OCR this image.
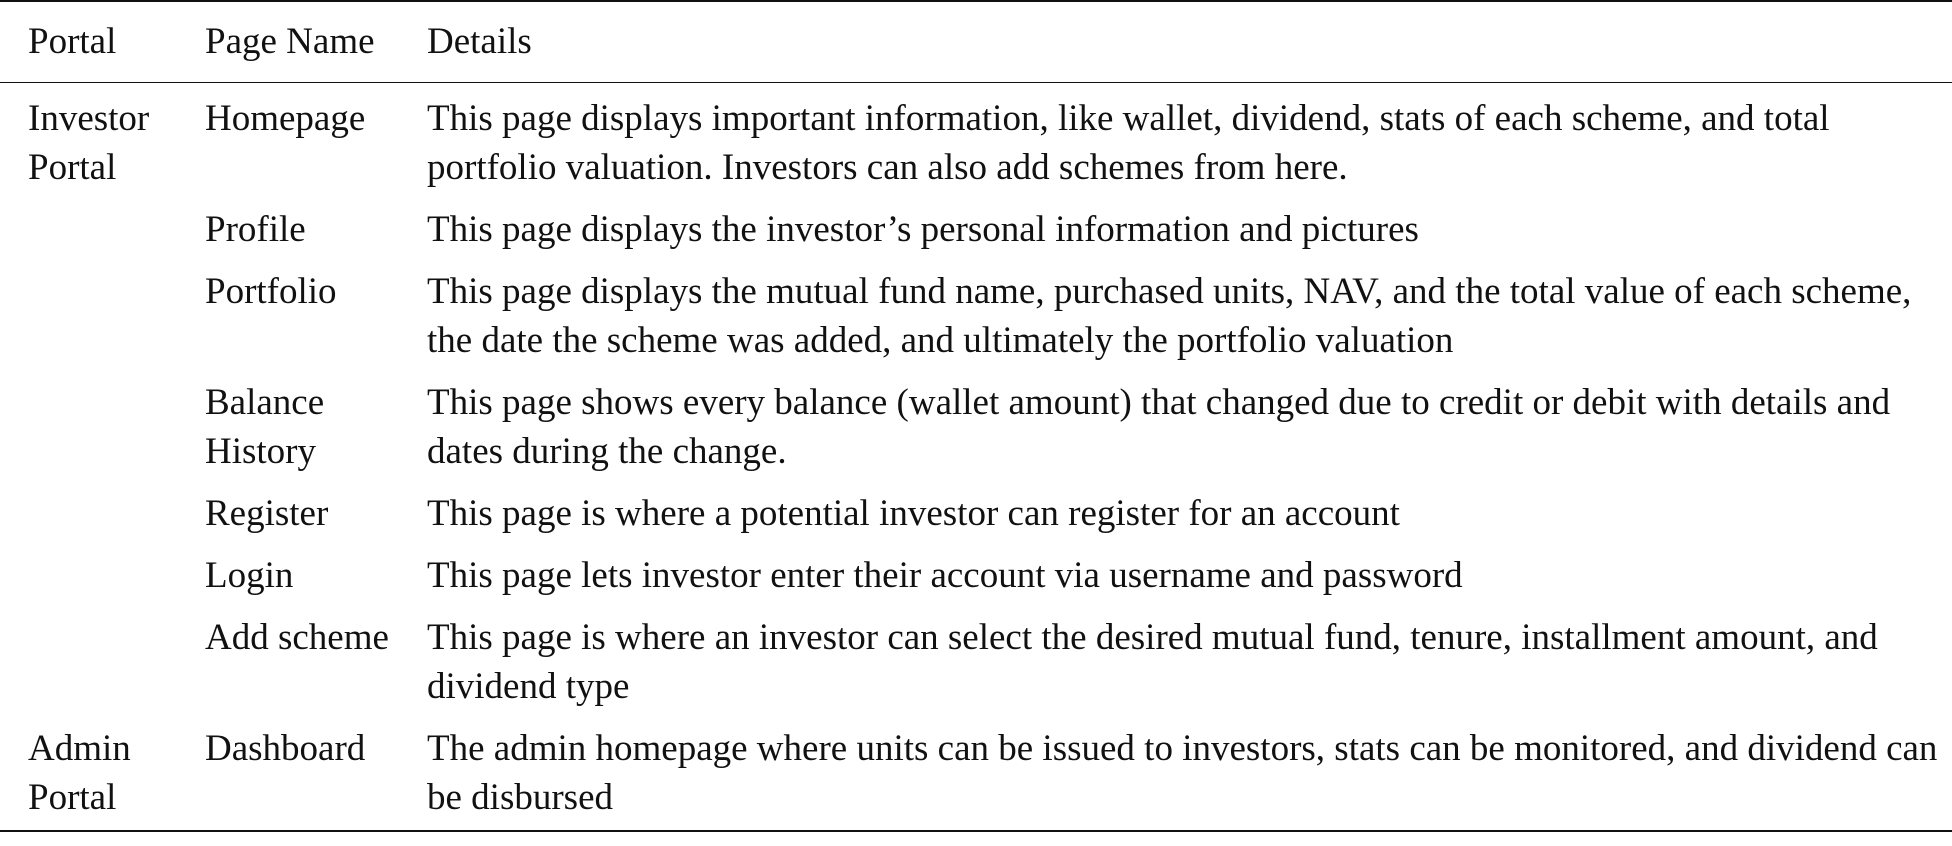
Portal	Page Name	Details
Investor Portal	Homepage	This page displays important information, like wallet, dividend, stats of each scheme, and total portfolio valuation. Investors can also add schemes from here.
	Profile	This page displays the investor’s personal information and pictures
	Portfolio	This page displays the mutual fund name, purchased units, NAV, and the total value of each scheme, the date the scheme was added, and ultimately the portfolio valuation
	Balance History	This page shows every balance (wallet amount) that changed due to credit or debit with details and dates during the change.
	Register	This page is where a potential investor can register for an account
	Login	This page lets investor enter their account via username and password
	Add scheme	This page is where an investor can select the desired mutual fund, tenure, installment amount, and dividend type
Admin Portal	Dashboard	The admin homepage where units can be issued to investors, stats can be monitored, and dividend can be disbursed
